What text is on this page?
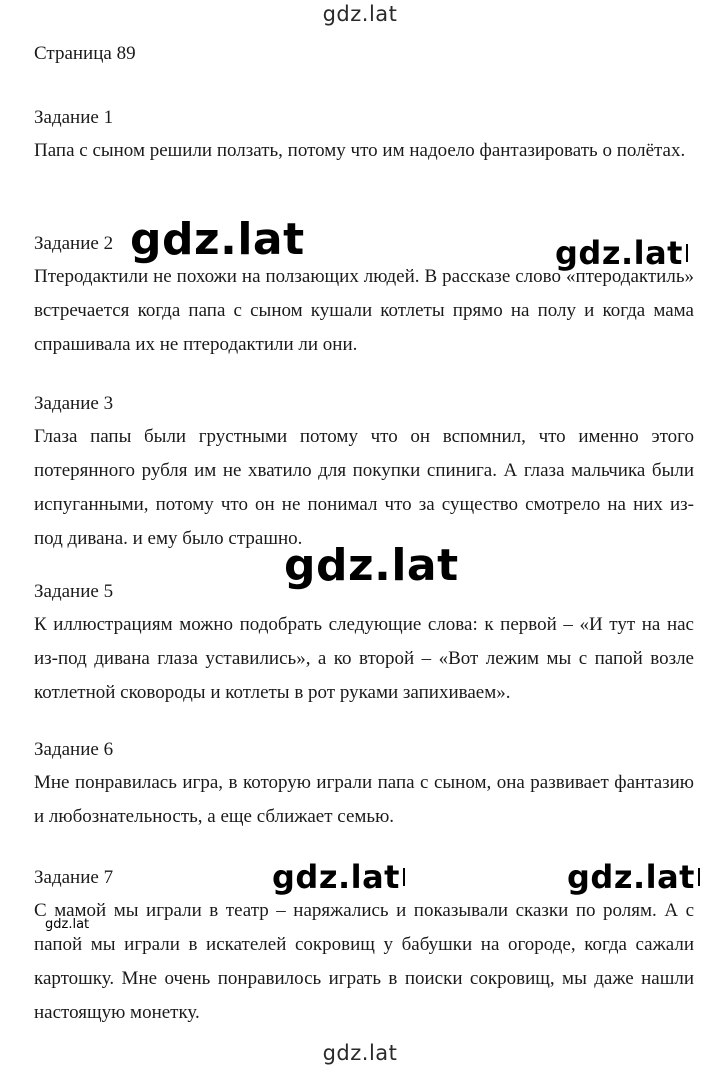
gdz.lat
Страница 89
Задание 1
Папа с сыном решили ползать, потому что им надоело фантазировать о полётах.
Задание 2
Птеродактили не похожи на ползающих людей. В рассказе слово «птеродактиль» встречается когда папа с сыном кушали котлеты прямо на полу и когда мама спрашивала их не птеродактили ли они.
Задание 3
Глаза папы были грустными потому что он вспомнил, что именно этого потерянного рубля им не хватило для покупки спинига. А глаза мальчика были испуганными, потому что он не понимал что за существо смотрело на них из-под дивана. и ему было страшно.
Задание 5
К иллюстрациям можно подобрать следующие слова: к первой – «И тут на нас из-под дивана глаза уставились», а ко второй – «Вот лежим мы с папой возле котлетной сковороды и котлеты в рот руками запихиваем».
Задание 6
Мне понравилась игра, в которую играли папа с сыном, она развивает фантазию и любознательность, а еще сближает семью.
Задание 7
С мамой мы играли в театр – наряжались и показывали сказки по ролям. А с папой мы играли в искателей сокровищ у бабушки на огороде, когда сажали картошку. Мне очень понравилось играть в поиски сокровищ, мы даже нашли настоящую монетку.
gdz.lat	gdz.lat
gdz.lat
gdz.lat	gdz.lat
gdz.lat
gdz.lat
